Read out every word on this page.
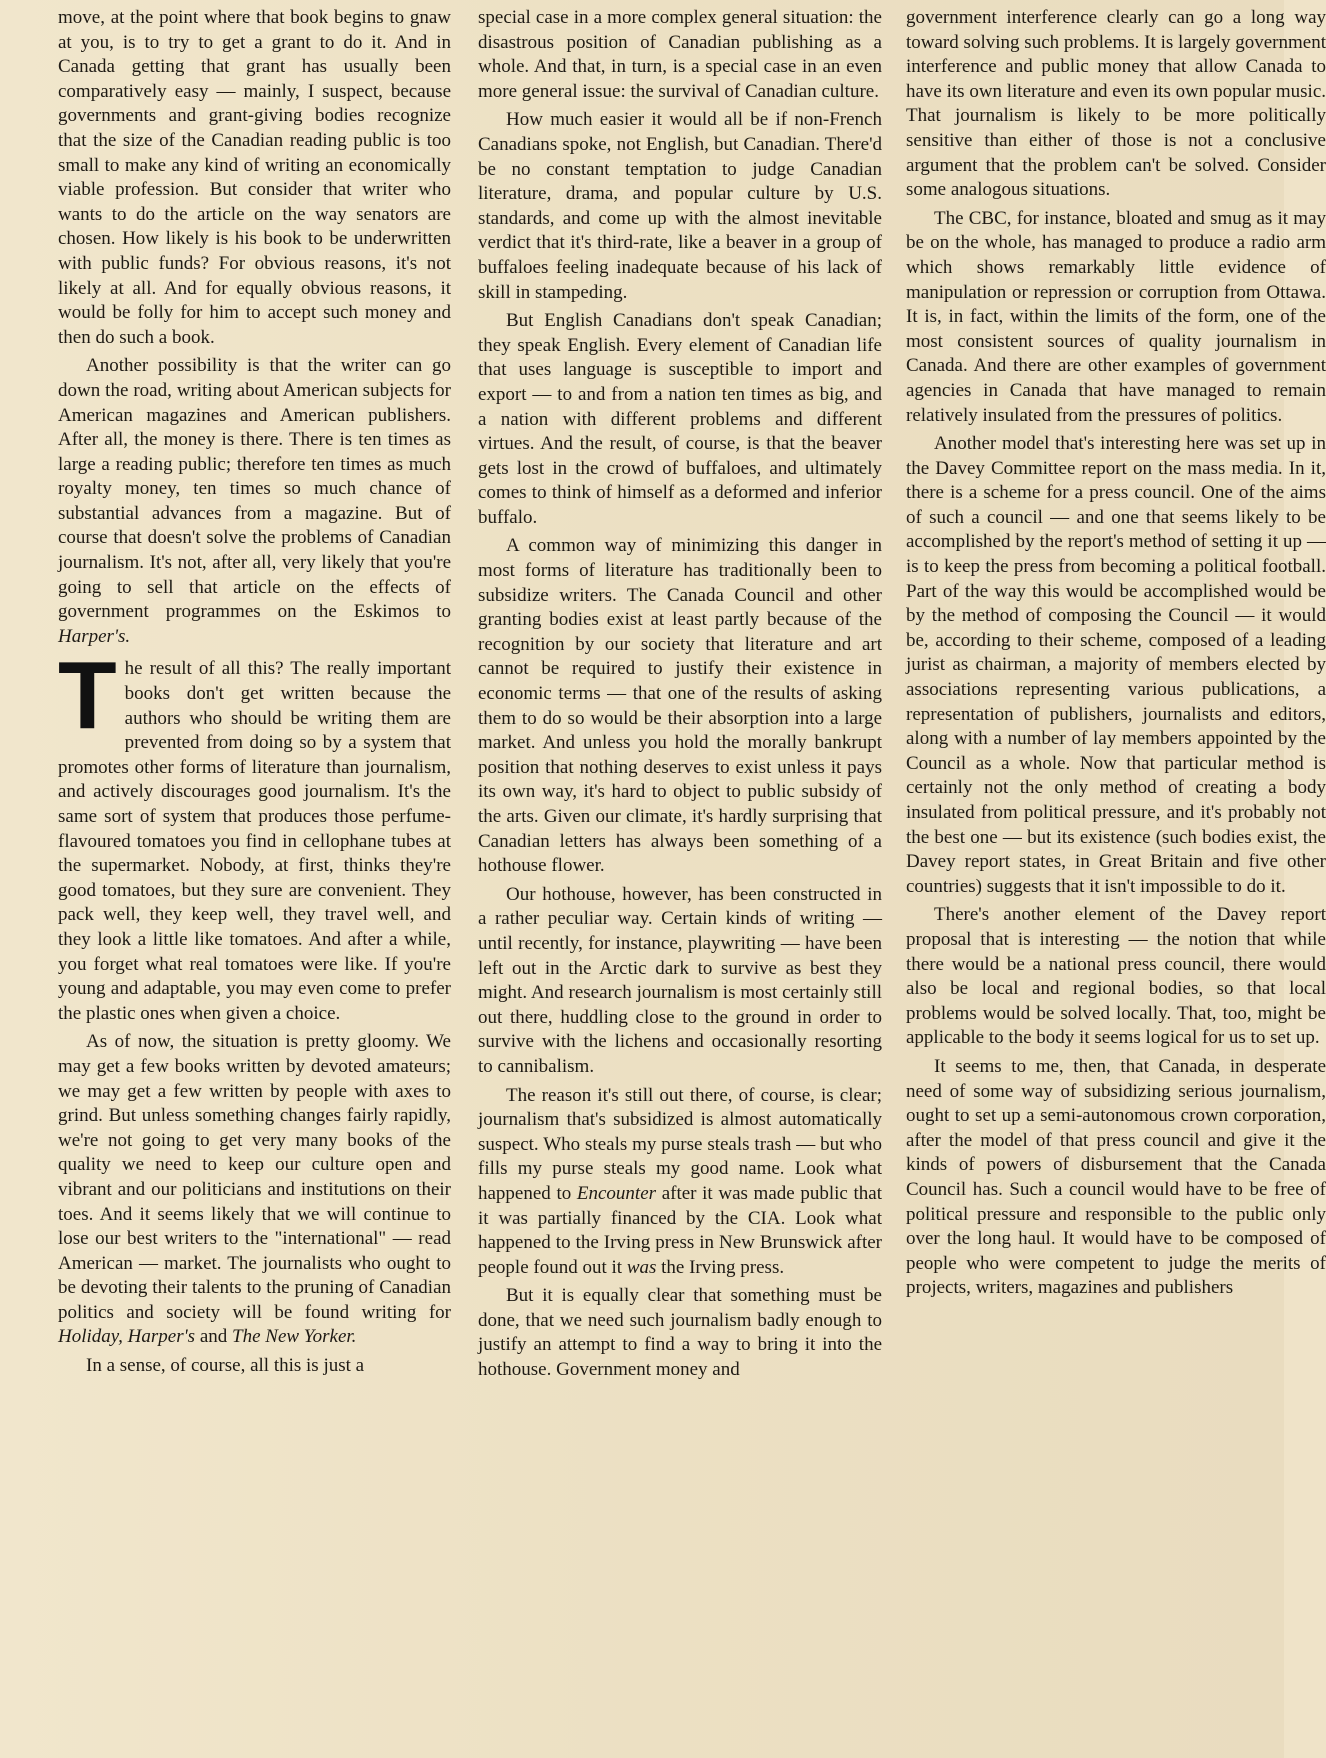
move, at the point where that book begins to gnaw at you, is to try to get a grant to do it. And in Canada getting that grant has usually been comparatively easy — mainly, I suspect, because governments and grant-giving bodies recognize that the size of the Canadian reading public is too small to make any kind of writing an economically viable profession. But consider that writer who wants to do the article on the way senators are chosen. How likely is his book to be underwritten with public funds? For obvious reasons, it's not likely at all. And for equally obvious reasons, it would be folly for him to accept such money and then do such a book.

Another possibility is that the writer can go down the road, writing about American subjects for American magazines and American publishers. After all, the money is there. There is ten times as large a reading public; therefore ten times as much royalty money, ten times so much chance of substantial advances from a magazine. But of course that doesn't solve the problems of Canadian journalism. It's not, after all, very likely that you're going to sell that article on the effects of government programmes on the Eskimos to Harper's.

The result of all this? The really important books don't get written because the authors who should be writing them are prevented from doing so by a system that promotes other forms of literature than journalism, and actively discourages good journalism. It's the same sort of system that produces those perfume-flavoured tomatoes you find in cellophane tubes at the supermarket. Nobody, at first, thinks they're good tomatoes, but they sure are convenient. They pack well, they keep well, they travel well, and they look a little like tomatoes. And after a while, you forget what real tomatoes were like. If you're young and adaptable, you may even come to prefer the plastic ones when given a choice.

As of now, the situation is pretty gloomy. We may get a few books written by devoted amateurs; we may get a few written by people with axes to grind. But unless something changes fairly rapidly, we're not going to get very many books of the quality we need to keep our culture open and vibrant and our politicians and institutions on their toes. And it seems likely that we will continue to lose our best writers to the "international" — read American — market. The journalists who ought to be devoting their talents to the pruning of Canadian politics and society will be found writing for Holiday, Harper's and The New Yorker.

In a sense, of course, all this is just a

special case in a more complex general situation: the disastrous position of Canadian publishing as a whole. And that, in turn, is a special case in an even more general issue: the survival of Canadian culture.

How much easier it would all be if non-French Canadians spoke, not English, but Canadian. There'd be no constant temptation to judge Canadian literature, drama, and popular culture by U.S. standards, and come up with the almost inevitable verdict that it's third-rate, like a beaver in a group of buffaloes feeling inadequate because of his lack of skill in stampeding.

But English Canadians don't speak Canadian; they speak English. Every element of Canadian life that uses language is susceptible to import and export — to and from a nation ten times as big, and a nation with different problems and different virtues. And the result, of course, is that the beaver gets lost in the crowd of buffaloes, and ultimately comes to think of himself as a deformed and inferior buffalo.

A common way of minimizing this danger in most forms of literature has traditionally been to subsidize writers. The Canada Council and other granting bodies exist at least partly because of the recognition by our society that literature and art cannot be required to justify their existence in economic terms — that one of the results of asking them to do so would be their absorption into a large market. And unless you hold the morally bankrupt position that nothing deserves to exist unless it pays its own way, it's hard to object to public subsidy of the arts. Given our climate, it's hardly surprising that Canadian letters has always been something of a hothouse flower.

Our hothouse, however, has been constructed in a rather peculiar way. Certain kinds of writing — until recently, for instance, playwriting — have been left out in the Arctic dark to survive as best they might. And research journalism is most certainly still out there, huddling close to the ground in order to survive with the lichens and occasionally resorting to cannibalism.

The reason it's still out there, of course, is clear; journalism that's subsidized is almost automatically suspect. Who steals my purse steals trash — but who fills my purse steals my good name. Look what happened to Encounter after it was made public that it was partially financed by the CIA. Look what happened to the Irving press in New Brunswick after people found out it was the Irving press.

But it is equally clear that something must be done, that we need such journalism badly enough to justify an attempt to find a way to bring it into the hothouse. Government money and

government interference clearly can go a long way toward solving such problems. It is largely government interference and public money that allow Canada to have its own literature and even its own popular music. That journalism is likely to be more politically sensitive than either of those is not a conclusive argument that the problem can't be solved. Consider some analogous situations.

The CBC, for instance, bloated and smug as it may be on the whole, has managed to produce a radio arm which shows remarkably little evidence of manipulation or repression or corruption from Ottawa. It is, in fact, within the limits of the form, one of the most consistent sources of quality journalism in Canada. And there are other examples of government agencies in Canada that have managed to remain relatively insulated from the pressures of politics.

Another model that's interesting here was set up in the Davey Committee report on the mass media. In it, there is a scheme for a press council. One of the aims of such a council — and one that seems likely to be accomplished by the report's method of setting it up — is to keep the press from becoming a political football. Part of the way this would be accomplished would be by the method of composing the Council — it would be, according to their scheme, composed of a leading jurist as chairman, a majority of members elected by associations representing various publications, a representation of publishers, journalists and editors, along with a number of lay members appointed by the Council as a whole. Now that particular method is certainly not the only method of creating a body insulated from political pressure, and it's probably not the best one — but its existence (such bodies exist, the Davey report states, in Great Britain and five other countries) suggests that it isn't impossible to do it.

There's another element of the Davey report proposal that is interesting — the notion that while there would be a national press council, there would also be local and regional bodies, so that local problems would be solved locally. That, too, might be applicable to the body it seems logical for us to set up.

It seems to me, then, that Canada, in desperate need of some way of subsidizing serious journalism, ought to set up a semi-autonomous crown corporation, after the model of that press council and give it the kinds of powers of disbursement that the Canada Council has. Such a council would have to be free of political pressure and responsible to the public only over the long haul. It would have to be composed of people who were competent to judge the merits of projects, writers, magazines and publishers
